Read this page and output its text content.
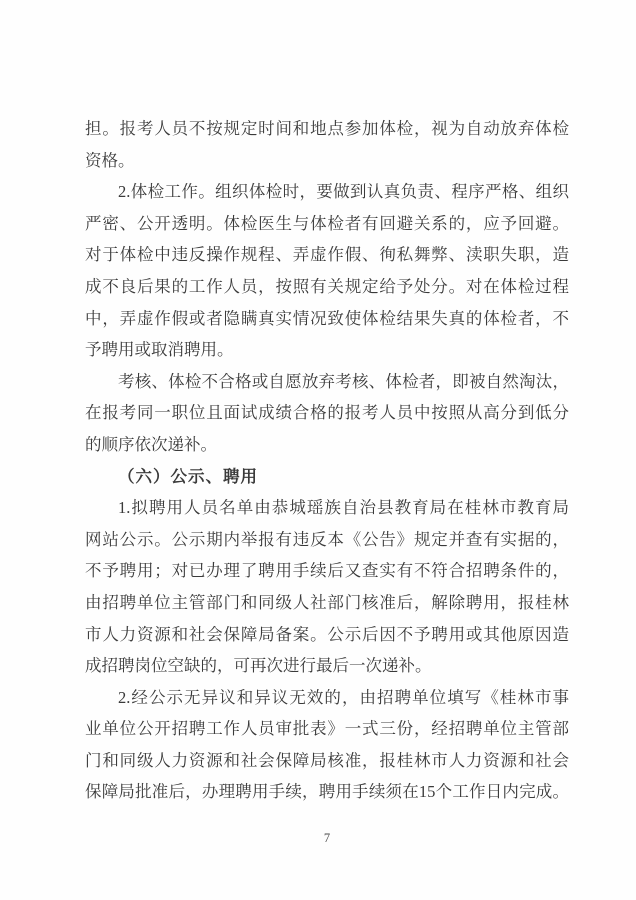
担。报考人员不按规定时间和地点参加体检，视为自动放弃体检
资格。
2.体检工作。组织体检时，要做到认真负责、程序严格、组织
严密、公开透明。体检医生与体检者有回避关系的，应予回避。
对于体检中违反操作规程、弄虚作假、徇私舞弊、渎职失职，造
成不良后果的工作人员，按照有关规定给予处分。对在体检过程
中，弄虚作假或者隐瞒真实情况致使体检结果失真的体检者，不
予聘用或取消聘用。
考核、体检不合格或自愿放弃考核、体检者，即被自然淘汰，
在报考同一职位且面试成绩合格的报考人员中按照从高分到低分
的顺序依次递补。
（六）公示、聘用
1.拟聘用人员名单由恭城瑶族自治县教育局在桂林市教育局
网站公示。公示期内举报有违反本《公告》规定并查有实据的，
不予聘用；对已办理了聘用手续后又查实有不符合招聘条件的，
由招聘单位主管部门和同级人社部门核准后，解除聘用，报桂林
市人力资源和社会保障局备案。公示后因不予聘用或其他原因造
成招聘岗位空缺的，可再次进行最后一次递补。
2.经公示无异议和异议无效的，由招聘单位填写《桂林市事
业单位公开招聘工作人员审批表》一式三份，经招聘单位主管部
门和同级人力资源和社会保障局核准，报桂林市人力资源和社会
保障局批准后，办理聘用手续，聘用手续须在15个工作日内完成。
7
